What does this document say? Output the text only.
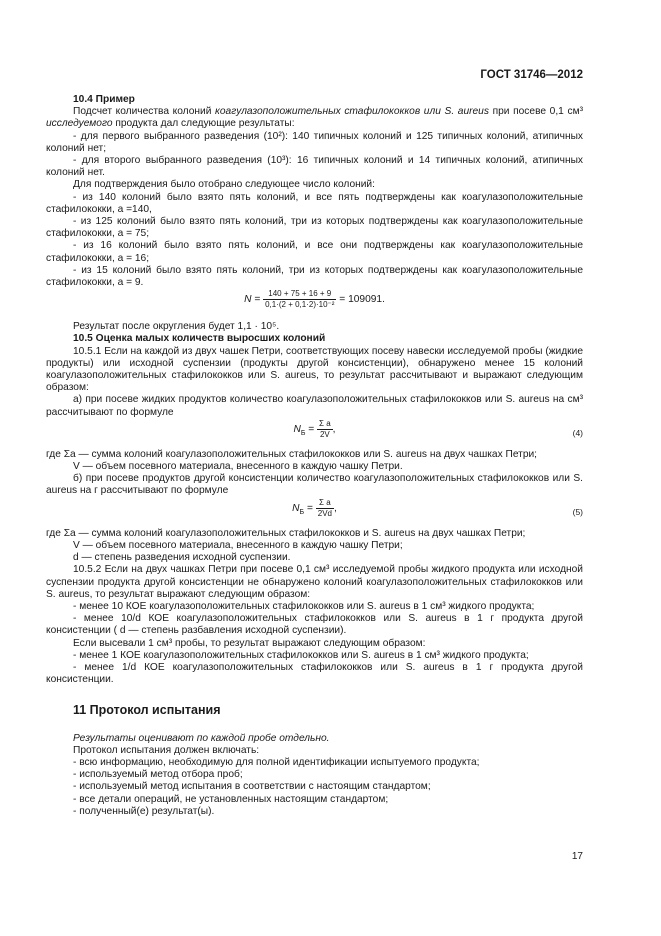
ГОСТ 31746—2012

10.4 Пример

Подсчет количества колоний коагулазоположительных стафилококков или S. aureus при посеве 0,1 см³ исследуемого продукта дал следующие результаты:

- для первого выбранного разведения (10²): 140 типичных колоний и 125 типичных колоний, атипичных колоний нет;

- для второго выбранного разведения (10³): 16 типичных колоний и 14 типичных колоний, атипичных колоний нет.

Для подтверждения было отобрано следующее число колоний:

- из 140 колоний было взято пять колоний, и все пять подтверждены как коагулазоположительные стафилококки, а =140,

- из 125 колоний было взято пять колоний, три из которых подтверждены как коагулазоположительные стафилококки, а = 75;

- из 16 колоний было взято пять колоний, и все они подтверждены как коагулазоположительные стафилококки, а = 16;

- из 15 колоний было взято пять колоний, три из которых подтверждены как коагулазоположительные стафилококки, а = 9.

$N = \frac{140 + 75 + 16 + 9}{\text{0,1·(2 + 0,1·2)·10⁻²}} = 109091$.

Результат после округления будет 1,1 · 10⁵.

10.5 Оценка малых количеств выросших колоний

10.5.1 Если на каждой из двух чашек Петри, соответствующих посеву навески исследуемой пробы (жидкие продукты) или исходной суспензии (продукты другой консистенции), обнаружено менее 15 колоний коагулазоположительных стафилококков или S. aureus, то результат рассчитывают и выражают следующим образом:

а) при посеве жидких продуктов количество коагулазоположительных стафилококков или S. aureus на см³ рассчитывают по формуле

$N_Б = \frac{\text{Σ a}}{2V}$ ,	(4)

где Σa — сумма колоний коагулазоположительных стафилококков или S. aureus на двух чашках Петри;

V — объем посевного материала, внесенного в каждую чашку Петри.

б) при посеве продуктов другой консистенции количество коагулазоположительных стафилококков или S. aureus на г рассчитывают по формуле

$N_Б = \frac{\text{Σ a}}{2Vd}$ ,	(5)

где Σa — сумма колоний коагулазоположительных стафилококков и S. aureus на двух чашках Петри;

V — объем посевного материала, внесенного в каждую чашку Петри;

d — степень разведения исходной суспензии.

10.5.2 Если на двух чашках Петри при посеве 0,1 см³ исследуемой пробы жидкого продукта или исходной суспензии продукта другой консистенции не обнаружено колоний коагулазоположительных стафилококков или S. aureus, то результат выражают следующим образом:

- менее 10 КОЕ коагулазоположительных стафилококков или S. aureus в 1 см³ жидкого продукта;

- менее 10/d КОЕ коагулазоположительных стафилококков или S. aureus в 1 г продукта другой консистенции ( d — степень разбавления исходной суспензии).

Если высевали 1 см³ пробы, то результат выражают следующим образом:

- менее 1 КОЕ коагулазоположительных стафилококков или S. aureus в 1 см³ жидкого продукта;

- менее 1/d КОЕ коагулазоположительных стафилококков или S. aureus в 1 г продукта другой консистенции.

11 Протокол испытания

Результаты оценивают по каждой пробе отдельно.

Протокол испытания должен включать:

- всю информацию, необходимую для полной идентификации испытуемого продукта;

- используемый метод отбора проб;

- используемый метод испытания в соответствии с настоящим стандартом;

- все детали операций, не установленных настоящим стандартом;

- полученный(е) результат(ы).

17
